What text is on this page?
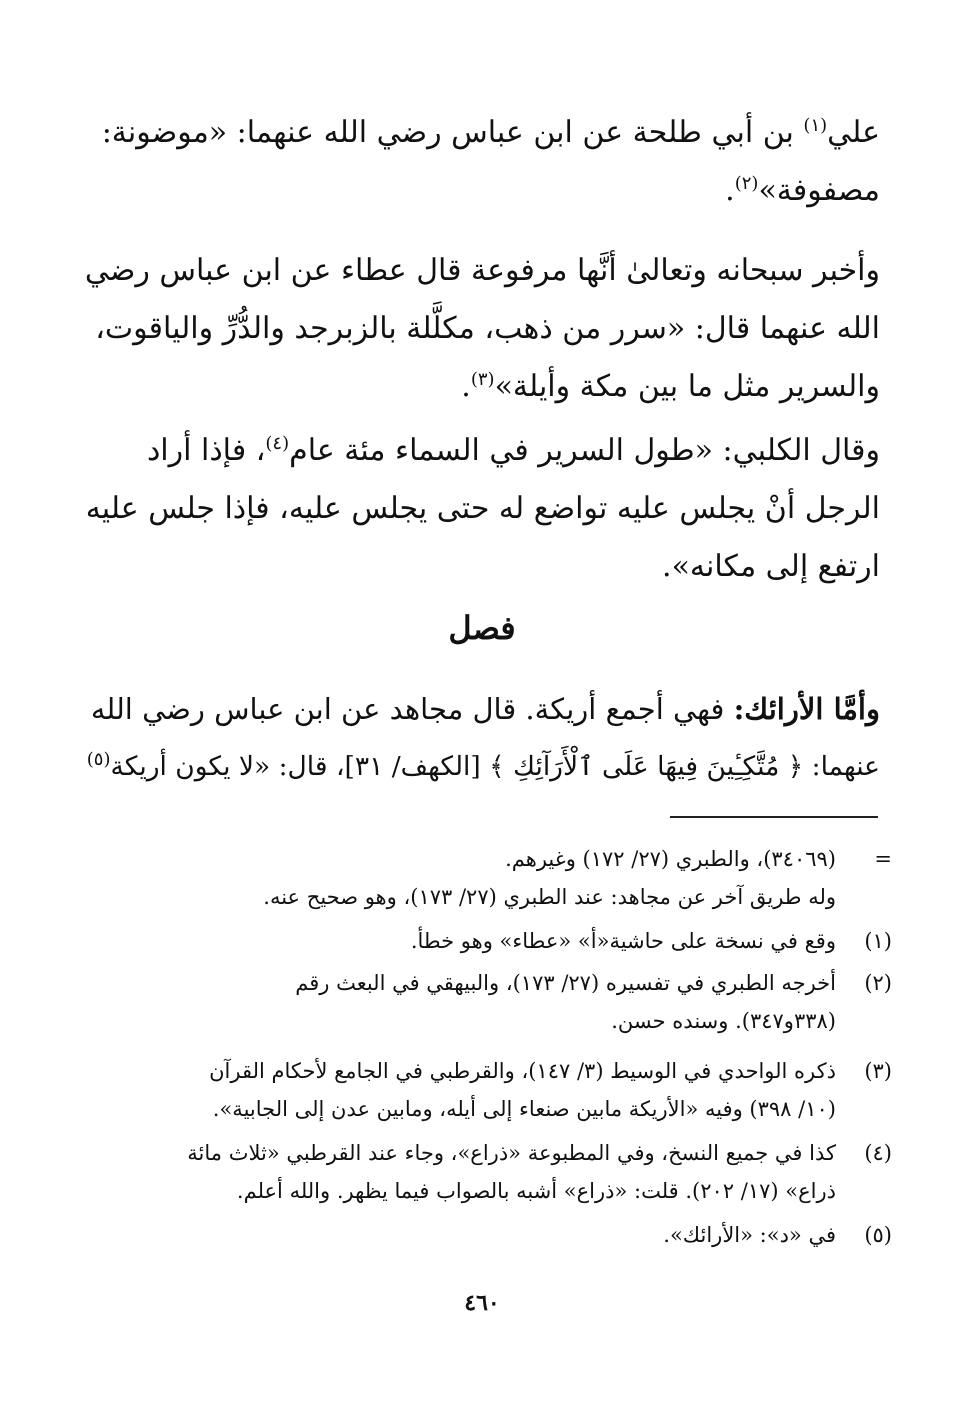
علي$^{(١)}$ بن أبي طلحة عن ابن عباس رضي الله عنهما: «موضونة:
مصفوفة»$^{(٢)}$.
وأخبر سبحانه وتعالىٰ أنَّها مرفوعة قال عطاء عن ابن عباس رضي
الله عنهما قال: «سرر من ذهب، مكلَّلة بالزبرجد والدُّرِّ والياقوت،
والسرير مثل ما بين مكة وأيلة»$^{(٣)}$.
وقال الكلبي: «طول السرير في السماء مئة عام$^{(٤)}$، فإذا أراد
الرجل أنْ يجلس عليه تواضع له حتى يجلس عليه، فإذا جلس عليه
ارتفع إلى مكانه».
فصل
وأمَّا الأرائك: فهي أجمع أريكة. قال مجاهد عن ابن عباس رضي الله
عنهما: ﴿ مُتَّكِـِٔينَ فِيهَا عَلَى ٱلْأَرَآئِكِ ﴾ [الكهف/ ٣١]، قال: «لا يكون أريكة$^{(٥)}$
=
(٣٤٠٦٩)، والطبري (٢٧/ ١٧٢) وغيرهم.
وله طريق آخر عن مجاهد: عند الطبري (٢٧/ ١٧٣)، وهو صحيح عنه.
(١)
وقع في نسخة على حاشية«أ» «عطاء» وهو خطأ.
(٢)
أخرجه الطبري في تفسيره (٢٧/ ١٧٣)، والبيهقي في البعث رقم
(٣٣٨و٣٤٧). وسنده حسن.
(٣)
ذكره الواحدي في الوسيط (٣/ ١٤٧)، والقرطبي في الجامع لأحكام القرآن
(١٠/ ٣٩٨) وفيه «الأريكة مابين صنعاء إلى أيله، ومابين عدن إلى الجابية».
(٤)
كذا في جميع النسخ، وفي المطبوعة «ذراع»، وجاء عند القرطبي «ثلاث مائة
ذراع» (١٧/ ٢٠٢). قلت: «ذراع» أشبه بالصواب فيما يظهر. والله أعلم.
(٥)
في «د»: «الأرائك».
٤٦٠
